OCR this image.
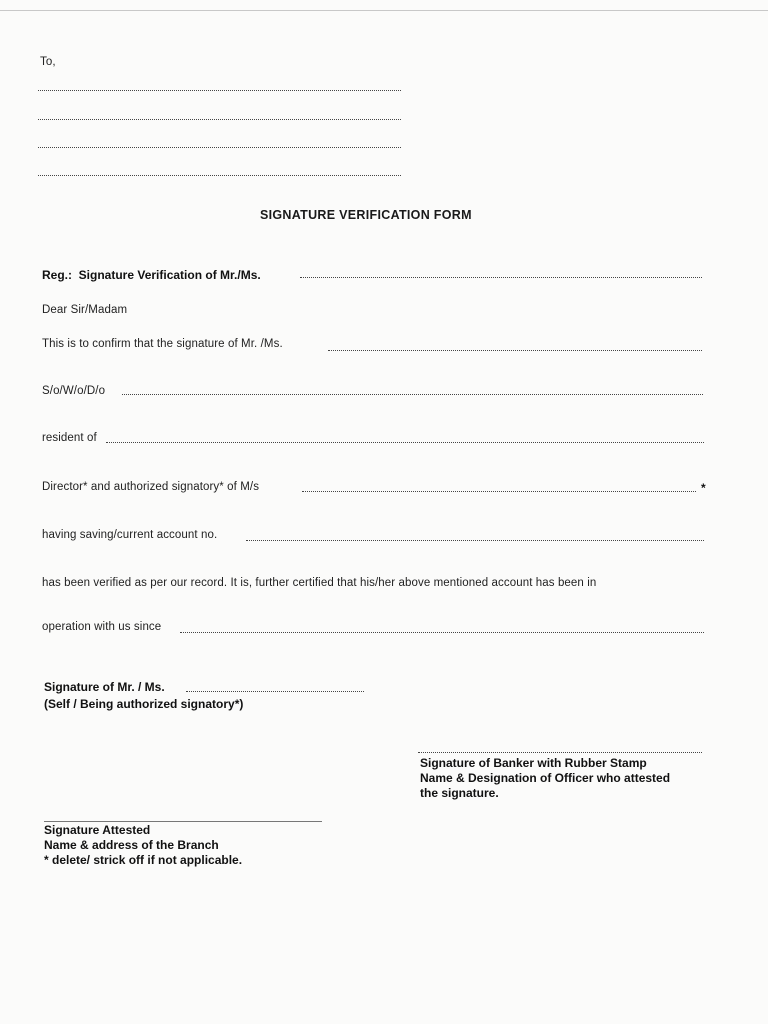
To,
SIGNATURE VERIFICATION FORM
Reg.: Signature Verification of Mr./Ms.
Dear Sir/Madam
This is to confirm that the signature of Mr. /Ms.
S/o/W/o/D/o
resident of
Director* and authorized signatory* of M/s	*
having saving/current account no.
has been verified as per our record. It is, further certified that his/her above mentioned account has been in
operation with us since
Signature of Mr. / Ms.
(Self / Being authorized signatory*)
Signature of Banker with Rubber Stamp
Name & Designation of Officer who attested
the signature.
Signature Attested
Name & address of the Branch
* delete/ strick off if not applicable.
